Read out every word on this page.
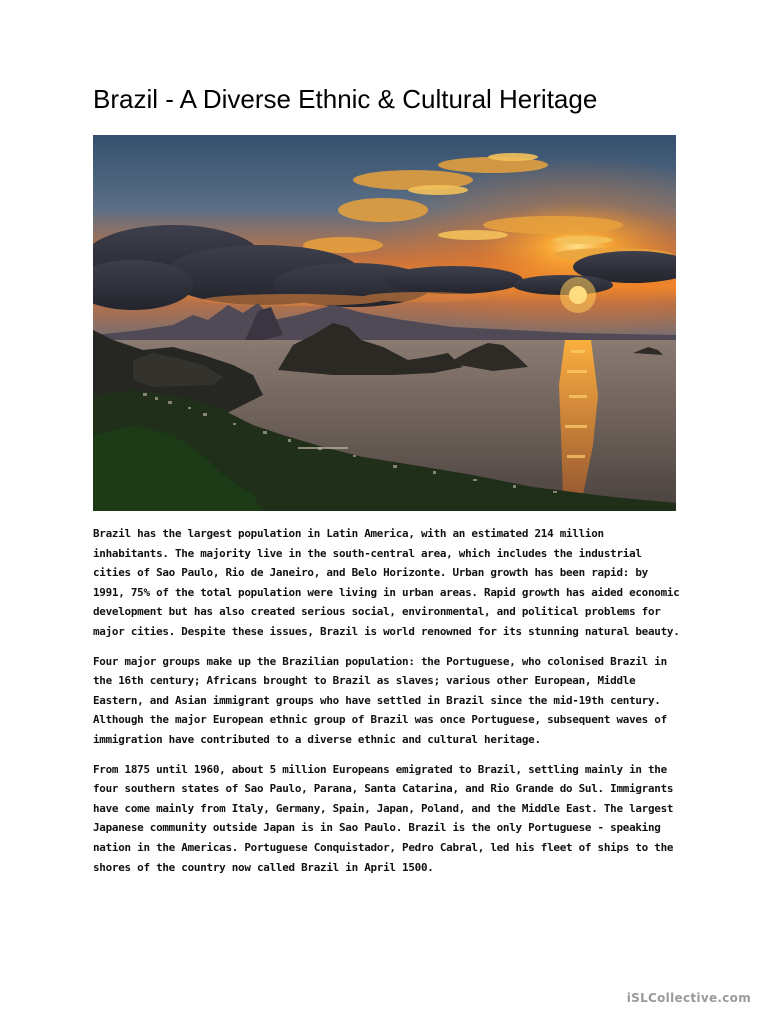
Brazil - A Diverse Ethnic & Cultural Heritage

Brazil has the largest population in Latin America, with an estimated 214 million inhabitants. The majority live in the south-central area, which includes the industrial cities of Sao Paulo, Rio de Janeiro, and Belo Horizonte. Urban growth has been rapid: by 1991, 75% of the total population were living in urban areas. Rapid growth has aided economic development but has also created serious social, environmental, and political problems for major cities. Despite these issues, Brazil is world renowned for its stunning natural beauty.

Four major groups make up the Brazilian population: the Portuguese, who colonised Brazil in the 16th century; Africans brought to Brazil as slaves; various other European, Middle Eastern, and Asian immigrant groups who have settled in Brazil since the mid-19th century. Although the major European ethnic group of Brazil was once Portuguese, subsequent waves of immigration have contributed to a diverse ethnic and cultural heritage.

From 1875 until 1960, about 5 million Europeans emigrated to Brazil, settling mainly in the four southern states of Sao Paulo, Parana, Santa Catarina, and Rio Grande do Sul. Immigrants have come mainly from Italy, Germany, Spain, Japan, Poland, and the Middle East. The largest Japanese community outside Japan is in Sao Paulo. Brazil is the only Portuguese - speaking nation in the Americas. Portuguese Conquistador, Pedro Cabral, led his fleet of ships to the shores of the country now called Brazil in April 1500.

iSLCollective.com
